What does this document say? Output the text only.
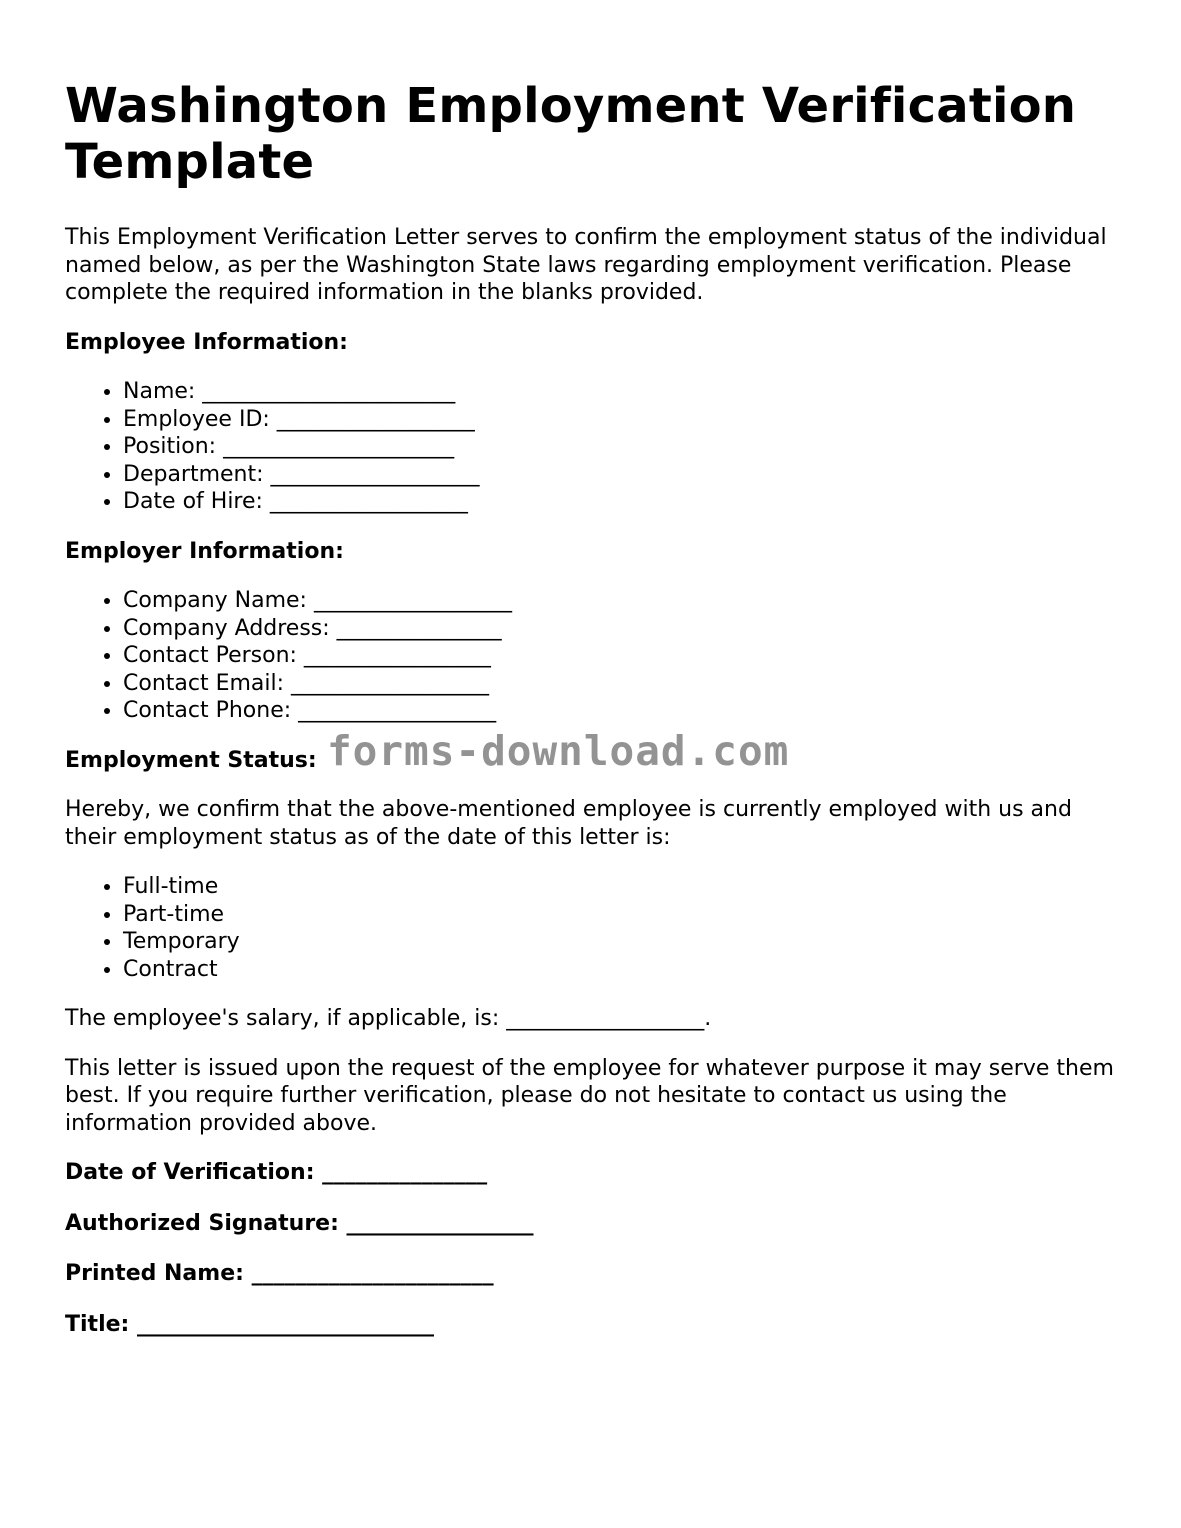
Washington Employment Verification Template

This Employment Verification Letter serves to confirm the employment status of the individual named below, as per the Washington State laws regarding employment verification. Please complete the required information in the blanks provided.

Employee Information:
• Name: _______________________
• Employee ID: __________________
• Position: _____________________
• Department: ___________________
• Date of Hire: __________________
Employer Information:
• Company Name: __________________
• Company Address: _______________
• Contact Person: _________________
• Contact Email: __________________
• Contact Phone: __________________
Employment Status: forms-download.com

Hereby, we confirm that the above-mentioned employee is currently employed with us and their employment status as of the date of this letter is:

• Full-time
• Part-time
• Temporary
• Contract

The employee's salary, if applicable, is: __________________.

This letter is issued upon the request of the employee for whatever purpose it may serve them best. If you require further verification, please do not hesitate to contact us using the information provided above.

Date of Verification: _______________
Authorized Signature: _________________
Printed Name: ______________________
Title: ___________________________
